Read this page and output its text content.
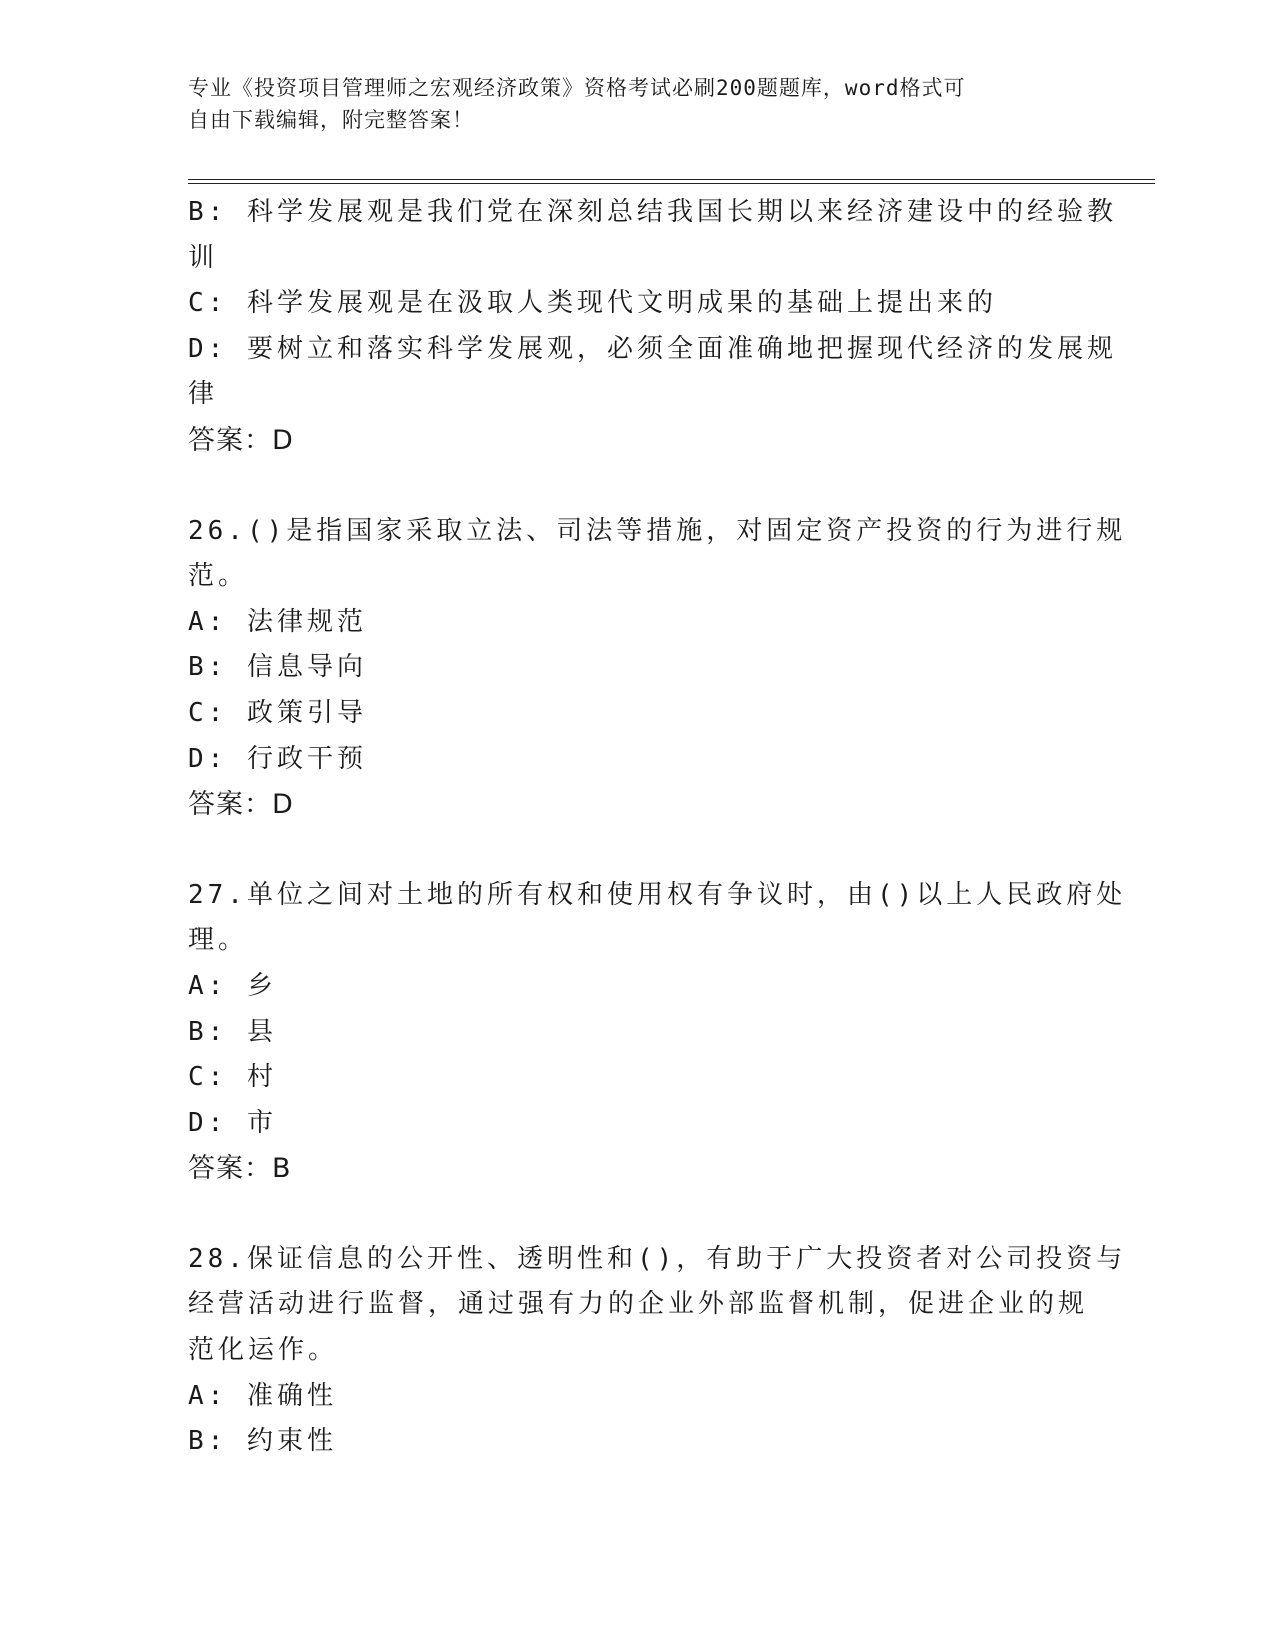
专业《投资项目管理师之宏观经济政策》资格考试必刷200题题库，word格式可
自由下载编辑，附完整答案！
B: 科学发展观是我们党在深刻总结我国长期以来经济建设中的经验教
训
C: 科学发展观是在汲取人类现代文明成果的基础上提出来的
D: 要树立和落实科学发展观，必须全面准确地把握现代经济的发展规
律
答案：D
26.()是指国家采取立法、司法等措施，对固定资产投资的行为进行规
范。
A: 法律规范
B: 信息导向
C: 政策引导
D: 行政干预
答案：D
27.单位之间对土地的所有权和使用权有争议时，由()以上人民政府处
理。
A: 乡
B: 县
C: 村
D: 市
答案：B
28.保证信息的公开性、透明性和()，有助于广大投资者对公司投资与
经营活动进行监督，通过强有力的企业外部监督机制，促进企业的规
范化运作。
A: 准确性
B: 约束性
